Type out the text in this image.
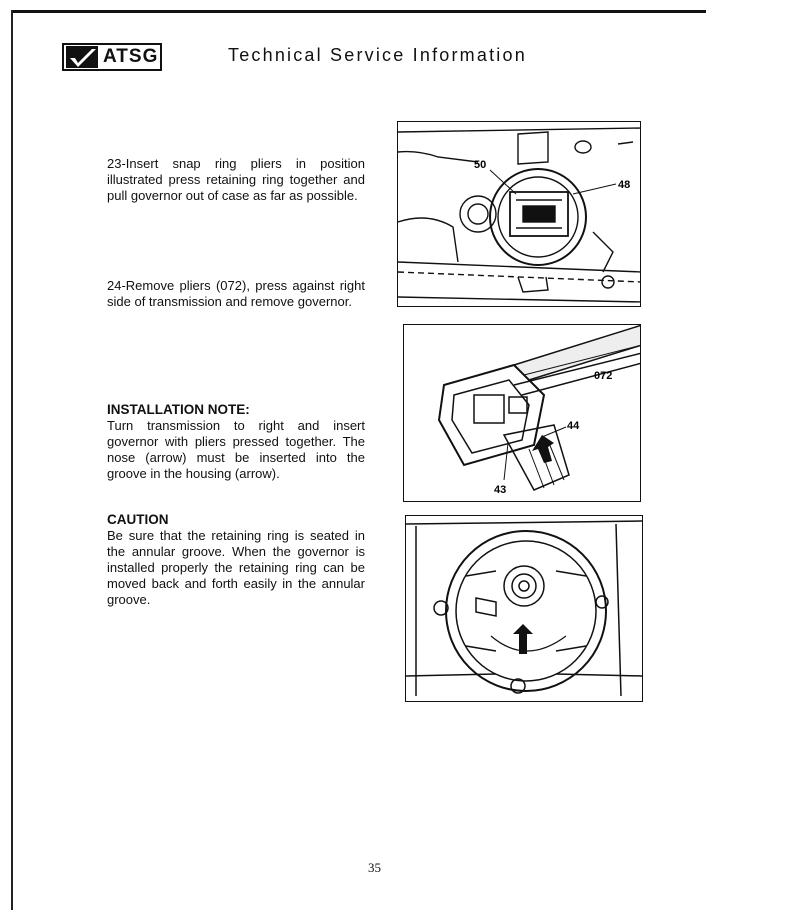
ATSG	Technical Service Information
23-Insert snap ring pliers in position illustrated press retaining ring together and pull governor out of case as far as possible.
24-Remove pliers (072), press against right side of transmission and remove governor.
INSTALLATION NOTE:
Turn transmission to right and insert governor with pliers pressed together. The nose (arrow) must be inserted into the groove in the housing (arrow).
CAUTION
Be sure that the retaining ring is seated in the annular groove. When the governor is installed properly the retaining ring can be moved back and forth easily in the annular groove.
50
48
072
44
43
35
